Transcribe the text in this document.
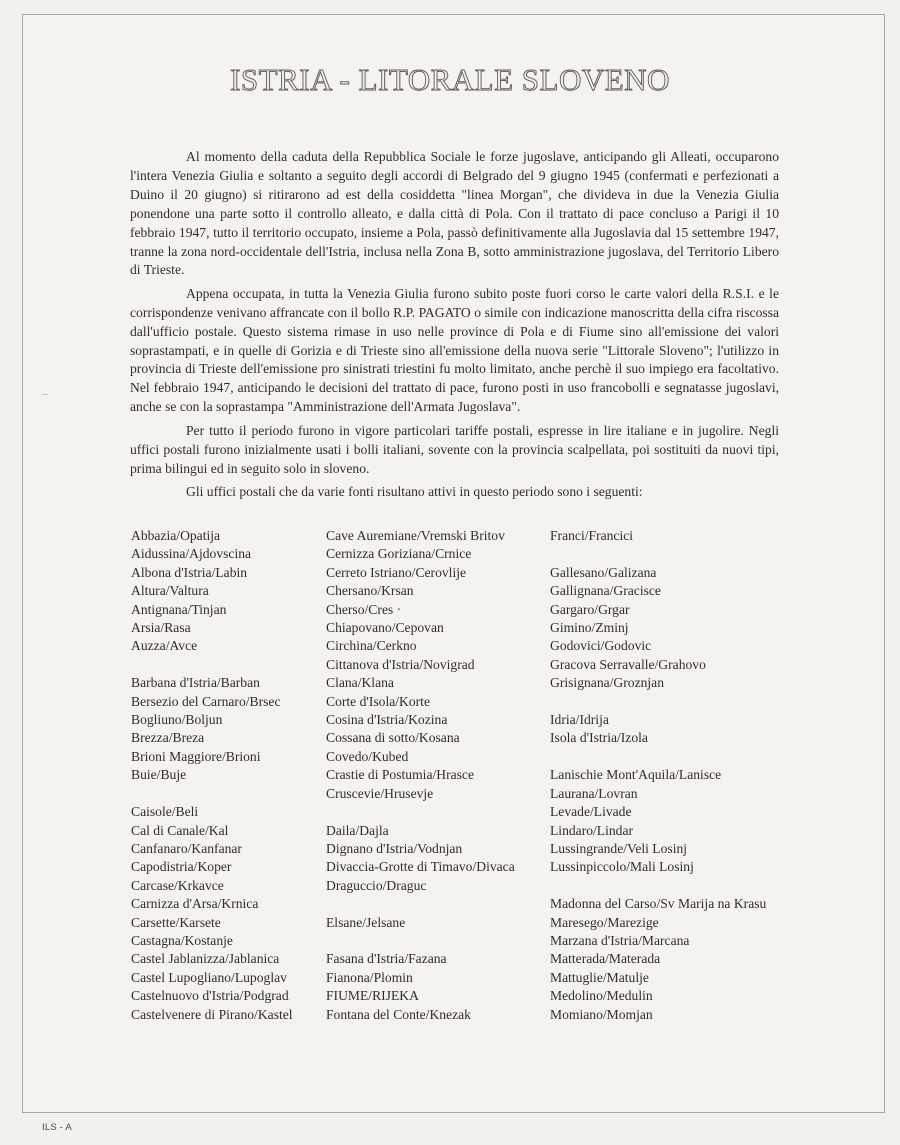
ISTRIA - LITORALE SLOVENO

Al momento della caduta della Repubblica Sociale le forze jugoslave, anticipando gli Alleati, occuparono l'intera Venezia Giulia e soltanto a seguito degli accordi di Belgrado del 9 giugno 1945 (confermati e perfezionati a Duino il 20 giugno) si ritirarono ad est della cosiddetta "linea Morgan", che divideva in due la Venezia Giulia ponendone una parte sotto il controllo alleato, e dalla città di Pola. Con il trattato di pace concluso a Parigi il 10 febbraio 1947, tutto il territorio occupato, insieme a Pola, passò definitivamente alla Jugoslavia dal 15 settembre 1947, tranne la zona nord-occidentale dell'Istria, inclusa nella Zona B, sotto amministrazione jugoslava, del Territorio Libero di Trieste.

Appena occupata, in tutta la Venezia Giulia furono subito poste fuori corso le carte valori della R.S.I. e le corrispondenze venivano affrancate con il bollo R.P. PAGATO o simile con indicazione manoscritta della cifra riscossa dall'ufficio postale. Questo sistema rimase in uso nelle province di Pola e di Fiume sino all'emissione dei valori soprastampati, e in quelle di Gorizia e di Trieste sino all'emissione della nuova serie "Littorale Sloveno"; l'utilizzo in provincia di Trieste dell'emissione pro sinistrati triestini fu molto limitato, anche perchè il suo impiego era facoltativo. Nel febbraio 1947, anticipando le decisioni del trattato di pace, furono posti in uso francobolli e segnatasse jugoslavi, anche se con la soprastampa "Amministrazione dell'Armata Jugoslava".

Per tutto il periodo furono in vigore particolari tariffe postali, espresse in lire italiane e in jugolire. Negli uffici postali furono inizialmente usati i bolli italiani, sovente con la provincia scalpellata, poi sostituiti da nuovi tipi, prima bilingui ed in seguito solo in sloveno.

Gli uffici postali che da varie fonti risultano attivi in questo periodo sono i seguenti:

Abbazia/Opatija
Aidussina/Ajdovscina
Albona d'Istria/Labin
Altura/Valtura
Antignana/Tinjan
Arsia/Rasa
Auzza/Avce
Barbana d'Istria/Barban
Bersezio del Carnaro/Brsec
Bogliuno/Boljun
Brezza/Breza
Brioni Maggiore/Brioni
Buie/Buje
Caisole/Beli
Cal di Canale/Kal
Canfanaro/Kanfanar
Capodistria/Koper
Carcase/Krkavce
Carnizza d'Arsa/Krnica
Carsette/Karsete
Castagna/Kostanje
Castel Jablanizza/Jablanica
Castel Lupogliano/Lupoglav
Castelnuovo d'Istria/Podgrad
Castelvenere di Pirano/Kastel
Cave Auremiane/Vremski Britov
Cernizza Goriziana/Crnice
Cerreto Istriano/Cerovlije
Chersano/Krsan
Cherso/Cres ·
Chiapovano/Cepovan
Circhina/Cerkno
Cittanova d'Istria/Novigrad
Clana/Klana
Corte d'Isola/Korte
Cosina d'Istria/Kozina
Cossana di sotto/Kosana
Covedo/Kubed
Crastie di Postumia/Hrasce
Cruscevie/Hrusevje
Daila/Dajla
Dignano d'Istria/Vodnjan
Divaccia-Grotte di Timavo/Divaca
Draguccio/Draguc
Elsane/Jelsane
Fasana d'Istria/Fazana
Fianona/Plomin
FIUME/RIJEKA
Fontana del Conte/Knezak
Franci/Francici
Gallesano/Galizana
Gallignana/Gracisce
Gargaro/Grgar
Gimino/Zminj
Godovici/Godovic
Gracova Serravalle/Grahovo
Grisignana/Groznjan
Idria/Idrija
Isola d'Istria/Izola
Lanischie Mont'Aquila/Lanisce
Laurana/Lovran
Levade/Livade
Lindaro/Lindar
Lussingrande/Veli Losinj
Lussinpiccolo/Mali Losinj
Madonna del Carso/Sv Marija na Krasu
Maresego/Marezige
Marzana d'Istria/Marcana
Matterada/Materada
Mattuglie/Matulje
Medolino/Medulin
Momiano/Momjan
ILS - A
